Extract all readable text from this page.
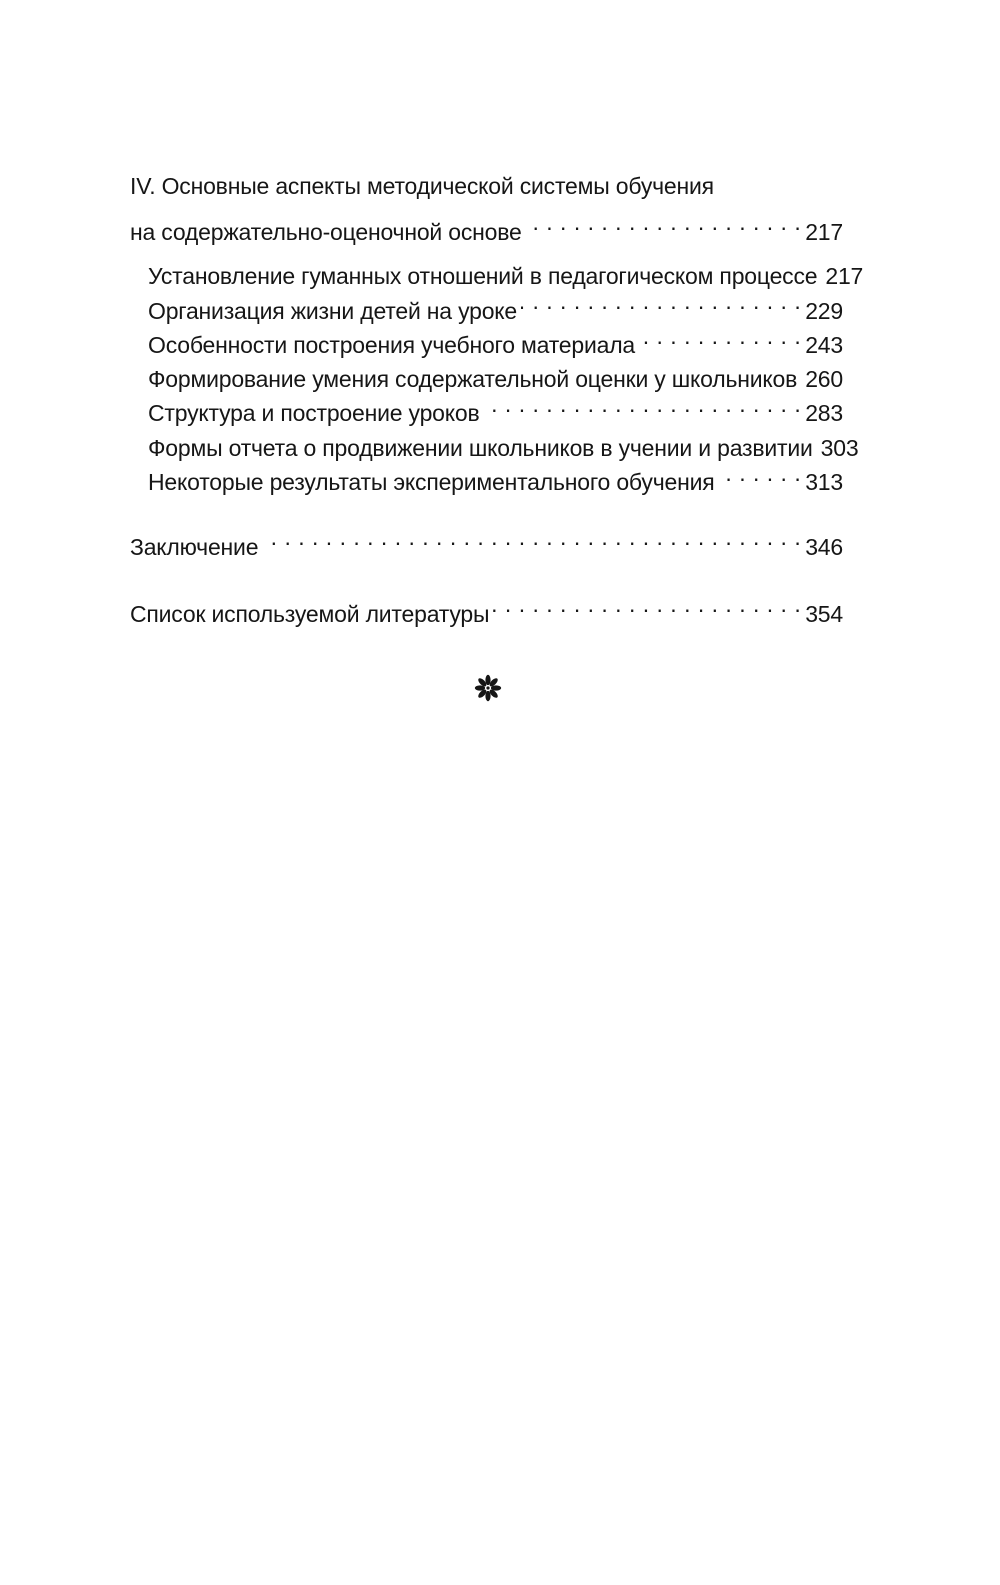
IV. Основные аспекты методической системы обучения
на содержательно-оценочной основе . . .	217
Установление гуманных отношений в педагогическом процессе 217
Организация жизни детей на уроке . . .	229
Особенности построения учебного материала . . .	243
Формирование умения содержательной оценки у школьников . . . 260
Структура и построение уроков . . .	283
Формы отчета о продвижении школьников в учении и развитии 303
Некоторые результаты экспериментального обучения . . .	313
Заключение . . .	346
Список используемой литературы . . .	354
